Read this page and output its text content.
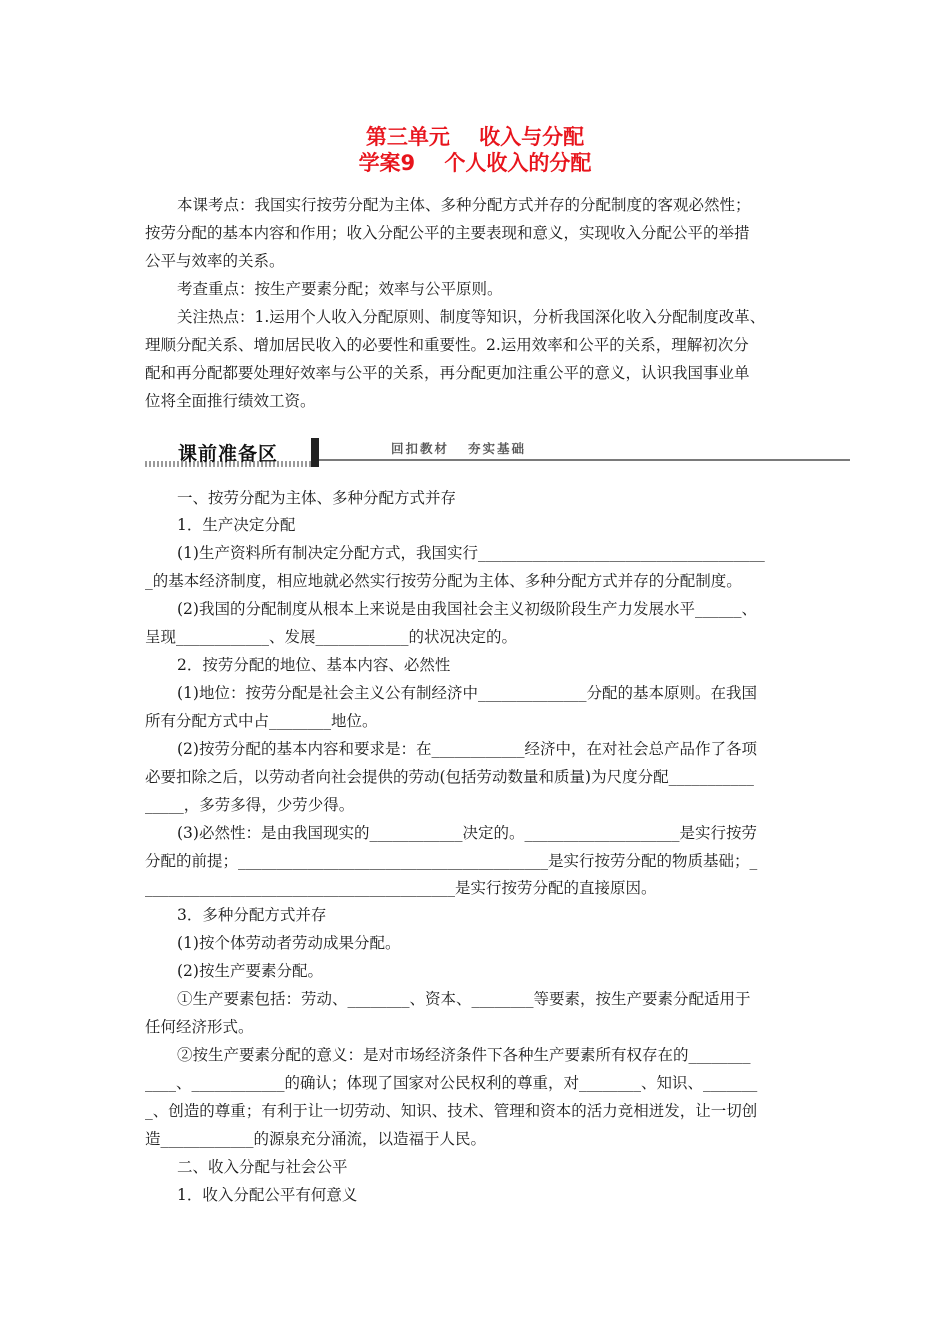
第三单元    收入与分配
学案9    个人收入的分配
本课考点：我国实行按劳分配为主体、多种分配方式并存的分配制度的客观必然性；
按劳分配的基本内容和作用；收入分配公平的主要表现和意义，实现收入分配公平的举措
公平与效率的关系。
考查重点：按生产要素分配；效率与公平原则。
关注热点：1.运用个人收入分配原则、制度等知识，分析我国深化收入分配制度改革、
理顺分配关系、增加居民收入的必要性和重要性。2.运用效率和公平的关系，理解初次分
配和再分配都要处理好效率与公平的关系，再分配更加注重公平的意义，认识我国事业单
位将全面推行绩效工资。
课前准备区	回扣教材   夯实基础
一、按劳分配为主体、多种分配方式并存
1．生产决定分配
(1)生产资料所有制决定分配方式，我国实行_____________________________________
_的基本经济制度，相应地就必然实行按劳分配为主体、多种分配方式并存的分配制度。
(2)我国的分配制度从根本上来说是由我国社会主义初级阶段生产力发展水平______、
呈现____________、发展____________的状况决定的。
2．按劳分配的地位、基本内容、必然性
(1)地位：按劳分配是社会主义公有制经济中______________分配的基本原则。在我国
所有分配方式中占________地位。
(2)按劳分配的基本内容和要求是：在____________经济中，在对社会总产品作了各项
必要扣除之后，以劳动者向社会提供的劳动(包括劳动数量和质量)为尺度分配___________
_____，多劳多得，少劳少得。
(3)必然性：是由我国现实的____________决定的。____________________是实行按劳
分配的前提；________________________________________是实行按劳分配的物质基础；_
________________________________________是实行按劳分配的直接原因。
3．多种分配方式并存
(1)按个体劳动者劳动成果分配。
(2)按生产要素分配。
①生产要素包括：劳动、________、资本、________等要素，按生产要素分配适用于
任何经济形式。
②按生产要素分配的意义：是对市场经济条件下各种生产要素所有权存在的________
____、____________的确认；体现了国家对公民权利的尊重，对________、知识、_______
_、创造的尊重；有利于让一切劳动、知识、技术、管理和资本的活力竞相迸发，让一切创
造____________的源泉充分涌流，以造福于人民。
二、收入分配与社会公平
1．收入分配公平有何意义
